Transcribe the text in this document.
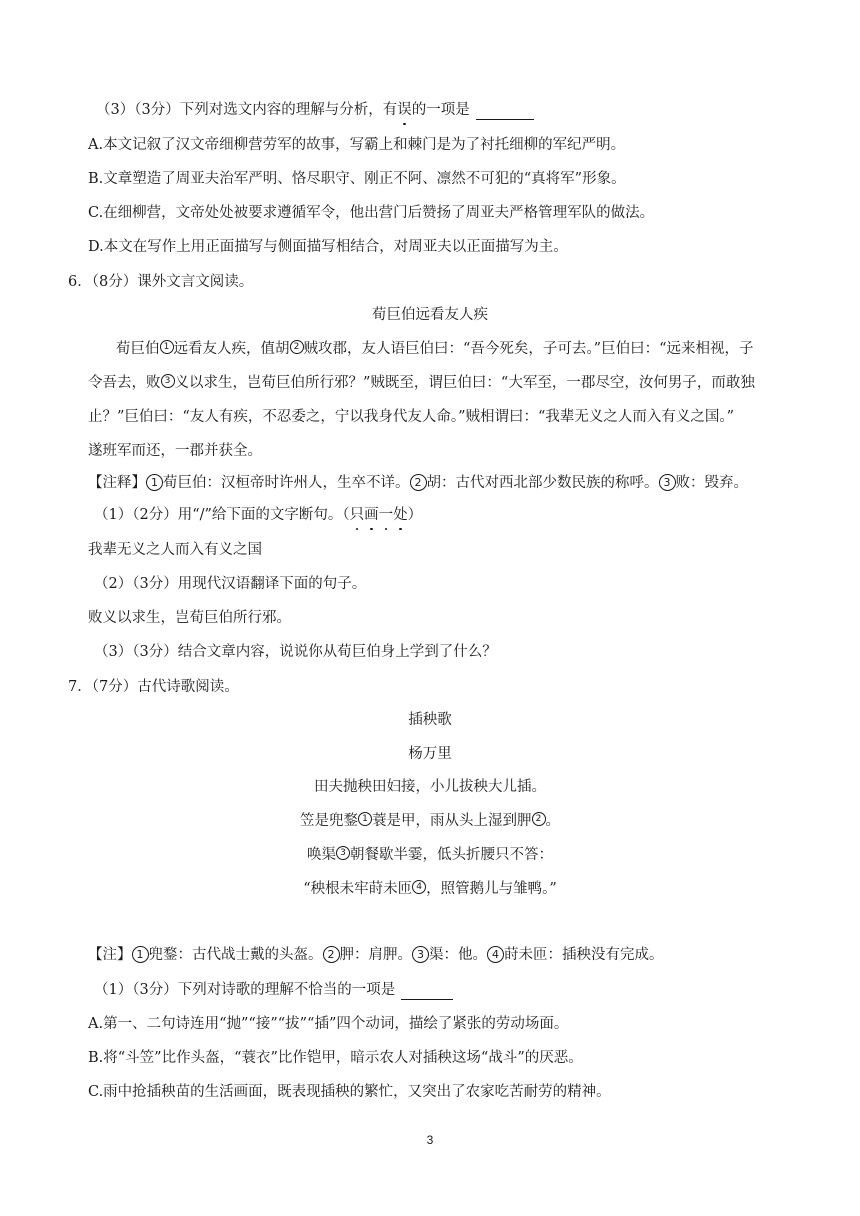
（3）（3分）下列对选文内容的理解与分析，有误的一项是
A.本文记叙了汉文帝细柳营劳军的故事，写霸上和棘门是为了衬托细柳的军纪严明。
B.文章塑造了周亚夫治军严明、恪尽职守、刚正不阿、凛然不可犯的“真将军”形象。
C.在细柳营，文帝处处被要求遵循军令，他出营门后赞扬了周亚夫严格管理军队的做法。
D.本文在写作上用正面描写与侧面描写相结合，对周亚夫以正面描写为主。
6．（8分）课外文言文阅读。
荀巨伯远看友人疾
荀巨伯 1 远看友人疾，值胡 2 贼攻郡，友人语巨伯曰：“吾今死矣，子可去。”巨伯曰：“远来相视，子
令吾去，败 3 义以求生，岂荀巨伯所行邪？”贼既至，谓巨伯曰：“大军至，一郡尽空，汝何男子，而敢独
止？”巨伯曰：“友人有疾，不忍委之，宁以我身代友人命。”贼相谓曰：“我辈无义之人而入有义之国。”
遂班军而还，一郡并获全。
【注释】 1 荀巨伯：汉桓帝时许州人，生卒不详。 2 胡：古代对西北部少数民族的称呼。 3 败：毁弃。
（1）（2分）用“/”给下面的文字断句。（只画一处）
我辈无义之人而入有义之国
（2）（3分）用现代汉语翻译下面的句子。
败义以求生，岂荀巨伯所行邪。
（3）（3分）结合文章内容，说说你从荀巨伯身上学到了什么？
7．（7分）古代诗歌阅读。
插秧歌
杨万里
田夫抛秧田妇接，小儿拔秧大儿插。
笠是兜鍪 1 蓑是甲，雨从头上湿到胛 2 。
唤渠 3 朝餐歇半霎，低头折腰只不答：
“秧根未牢莳未匝 4 ，照管鹅儿与雏鸭。”
【注】 1 兜鍪：古代战士戴的头盔。 2 胛：肩胛。 3 渠：他。 4 莳未匝：插秧没有完成。
（1）（3分）下列对诗歌的理解不恰当的一项是
A.第一、二句诗连用“抛”“接”“拔”“插”四个动词，描绘了紧张的劳动场面。
B.将“斗笠”比作头盔，“蓑衣”比作铠甲，暗示农人对插秧这场“战斗”的厌恶。
C.雨中抢插秧苗的生活画面，既表现插秧的繁忙，又突出了农家吃苦耐劳的精神。
3
